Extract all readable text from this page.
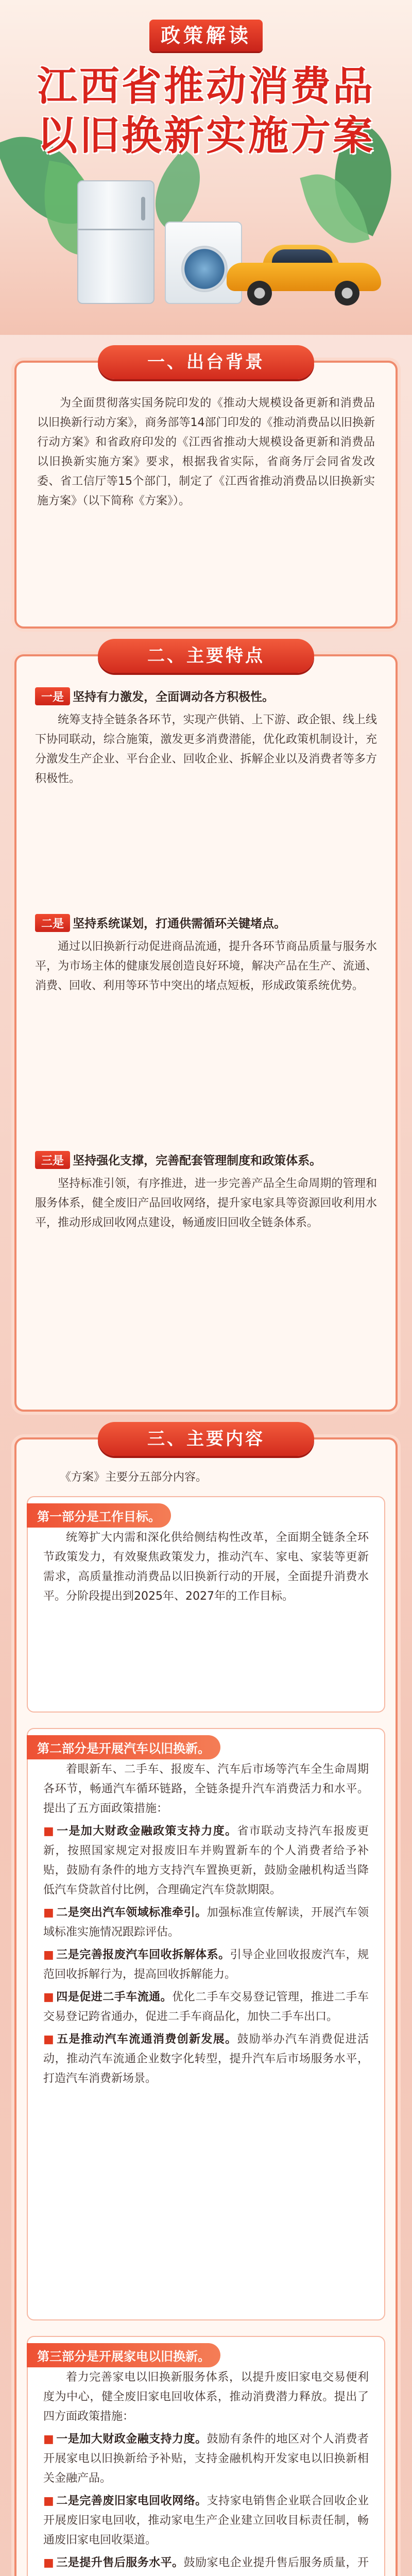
政策解读
江西省推动消费品
以旧换新实施方案
一、出台背景
为全面贯彻落实国务院印发的《推动大规模设备更新和消费品以旧换新行动方案》，商务部等14部门印发的《推动消费品以旧换新行动方案》和省政府印发的《江西省推动大规模设备更新和消费品以旧换新实施方案》要求，根据我省实际，省商务厅会同省发改委、省工信厅等15个部门，制定了《江西省推动消费品以旧换新实施方案》（以下简称《方案》）。
二、主要特点
一是 坚持有力激发，全面调动各方积极性。
统筹支持全链条各环节，实现产供销、上下游、政企银、线上线下协同联动，综合施策，激发更多消费潜能，优化政策机制设计，充分激发生产企业、平台企业、回收企业、拆解企业以及消费者等多方积极性。
二是 坚持系统谋划，打通供需循环关键堵点。
通过以旧换新行动促进商品流通，提升各环节商品质量与服务水平，为市场主体的健康发展创造良好环境，解决产品在生产、流通、消费、回收、利用等环节中突出的堵点短板，形成政策系统优势。
三是 坚持强化支撑，完善配套管理制度和政策体系。
坚持标准引领，有序推进，进一步完善产品全生命周期的管理和服务体系，健全废旧产品回收网络，提升家电家具等资源回收利用水平，推动形成回收网点建设，畅通废旧回收全链条体系。
三、主要内容
《方案》主要分五部分内容。
第一部分是工作目标。
统筹扩大内需和深化供给侧结构性改革，全面期全链条全环节政策发力，有效聚焦政策发力，推动汽车、家电、家装等更新需求，高质量推动消费品以旧换新行动的开展，全面提升消费水平。分阶段提出到2025年、2027年的工作目标。
第二部分是开展汽车以旧换新。
着眼新车、二手车、报废车、汽车后市场等汽车全生命周期各环节，畅通汽车循环链路，全链条提升汽车消费活力和水平。提出了五方面政策措施：
■ 一是加大财政金融政策支持力度。省市联动支持汽车报废更新，按照国家规定对报废旧车并购置新车的个人消费者给予补贴，鼓励有条件的地方支持汽车置换更新，鼓励金融机构适当降低汽车贷款首付比例，合理确定汽车贷款期限。
■ 二是突出汽车领域标准牵引。加强标准宣传解读，开展汽车领域标准实施情况跟踪评估。
■ 三是完善报废汽车回收拆解体系。引导企业回收报废汽车，规范回收拆解行为，提高回收拆解能力。
■ 四是促进二手车流通。优化二手车交易登记管理，推进二手车交易登记跨省通办，促进二手车商品化，加快二手车出口。
■ 五是推动汽车流通消费创新发展。鼓励举办汽车消费促进活动，推动汽车流通企业数字化转型，提升汽车后市场服务水平，打造汽车消费新场景。
第三部分是开展家电以旧换新。
着力完善家电以旧换新服务体系，以提升废旧家电交易便利度为中心，健全废旧家电回收体系，推动消费潜力释放。提出了四方面政策措施：
■ 一是加大财政金融支持力度。鼓励有条件的地区对个人消费者开展家电以旧换新给予补贴，支持金融机构开发家电以旧换新相关金融产品。
■ 二是完善废旧家电回收网络。支持家电销售企业联合回收企业开展废旧家电回收，推动家电生产企业建立回收目标责任制，畅通废旧家电回收渠道。
■ 三是提升售后服务水平。鼓励家电企业提升售后服务质量，开
